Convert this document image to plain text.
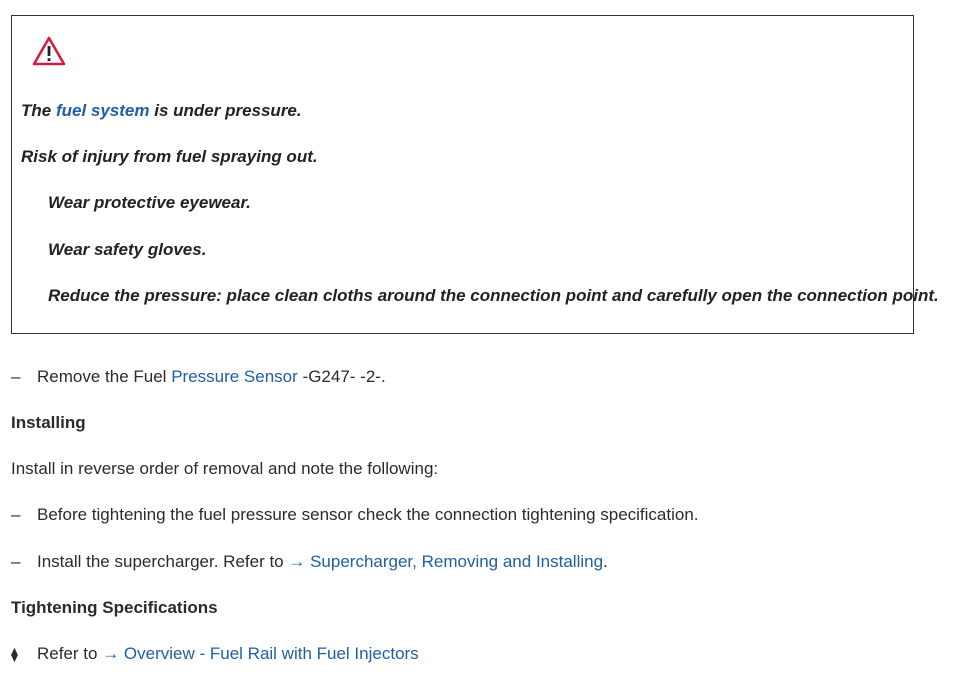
The fuel system is under pressure.
Risk of injury from fuel spraying out.
Wear protective eyewear.
Wear safety gloves.
Reduce the pressure: place clean cloths around the connection point and carefully open the connection point.
– Remove the Fuel Pressure Sensor -G247- -2-.
Installing
Install in reverse order of removal and note the following:
– Before tightening the fuel pressure sensor check the connection tightening specification.
– Install the supercharger. Refer to → Supercharger, Removing and Installing.
Tightening Specifications
⧫ Refer to → Overview - Fuel Rail with Fuel Injectors
